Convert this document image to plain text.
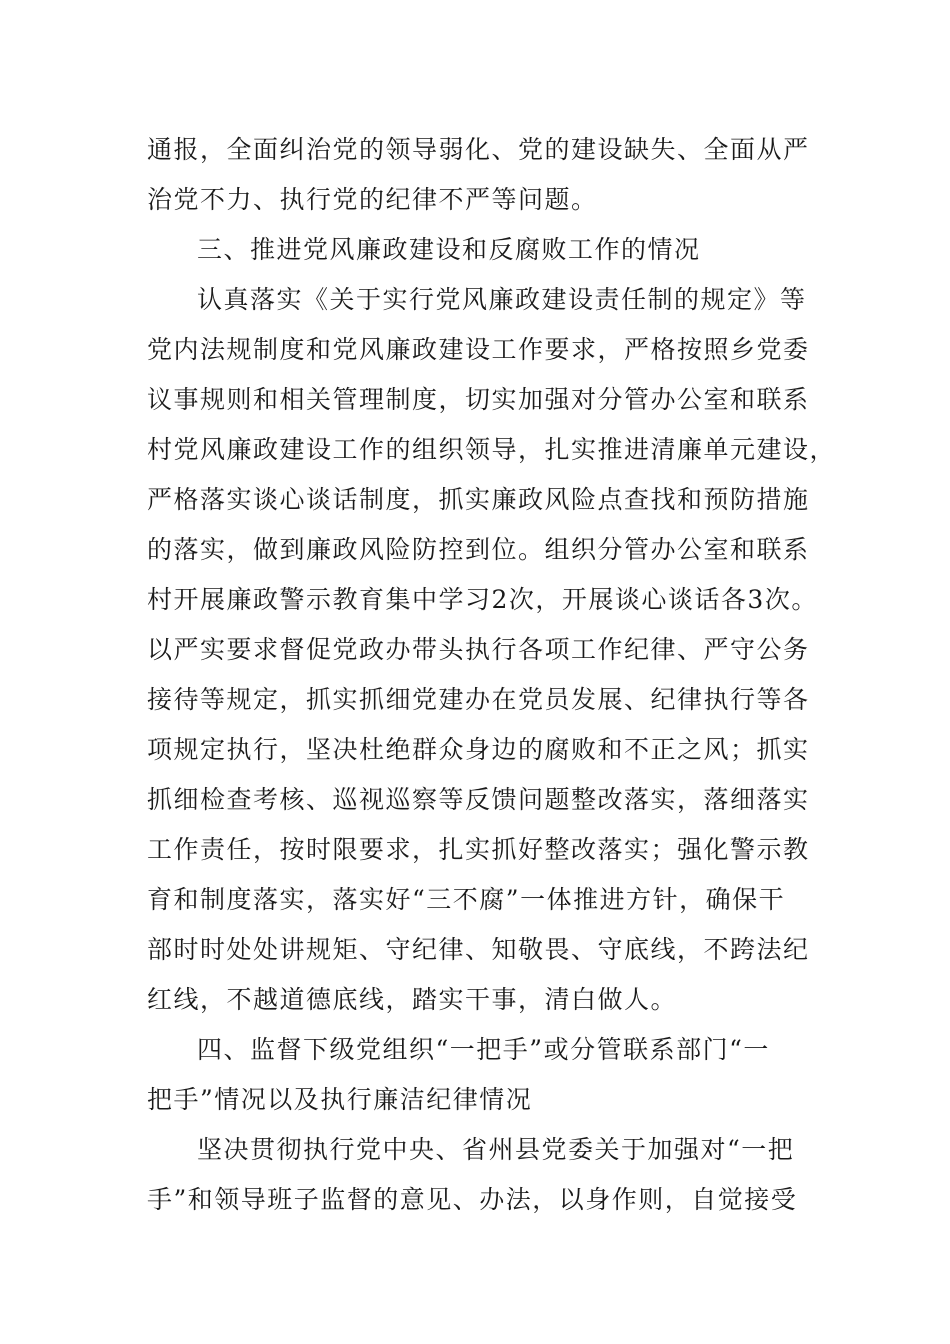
通报，全面纠治党的领导弱化、党的建设缺失、全面从严
治党不力、执行党的纪律不严等问题。
三、推进党风廉政建设和反腐败工作的情况
认真落实《关于实行党风廉政建设责任制的规定》等
党内法规制度和党风廉政建设工作要求，严格按照乡党委
议事规则和相关管理制度，切实加强对分管办公室和联系
村党风廉政建设工作的组织领导，扎实推进清廉单元建设，
严格落实谈心谈话制度，抓实廉政风险点查找和预防措施
的落实，做到廉政风险防控到位。组织分管办公室和联系
村开展廉政警示教育集中学习2次，开展谈心谈话各3次。
以严实要求督促党政办带头执行各项工作纪律、严守公务
接待等规定，抓实抓细党建办在党员发展、纪律执行等各
项规定执行，坚决杜绝群众身边的腐败和不正之风；抓实
抓细检查考核、巡视巡察等反馈问题整改落实，落细落实
工作责任，按时限要求，扎实抓好整改落实；强化警示教
育和制度落实，落实好“三不腐”一体推进方针，确保干
部时时处处讲规矩、守纪律、知敬畏、守底线，不跨法纪
红线，不越道德底线，踏实干事，清白做人。
四、监督下级党组织“一把手”或分管联系部门“一
把手”情况以及执行廉洁纪律情况
坚决贯彻执行党中央、省州县党委关于加强对“一把
手”和领导班子监督的意见、办法，以身作则，自觉接受
